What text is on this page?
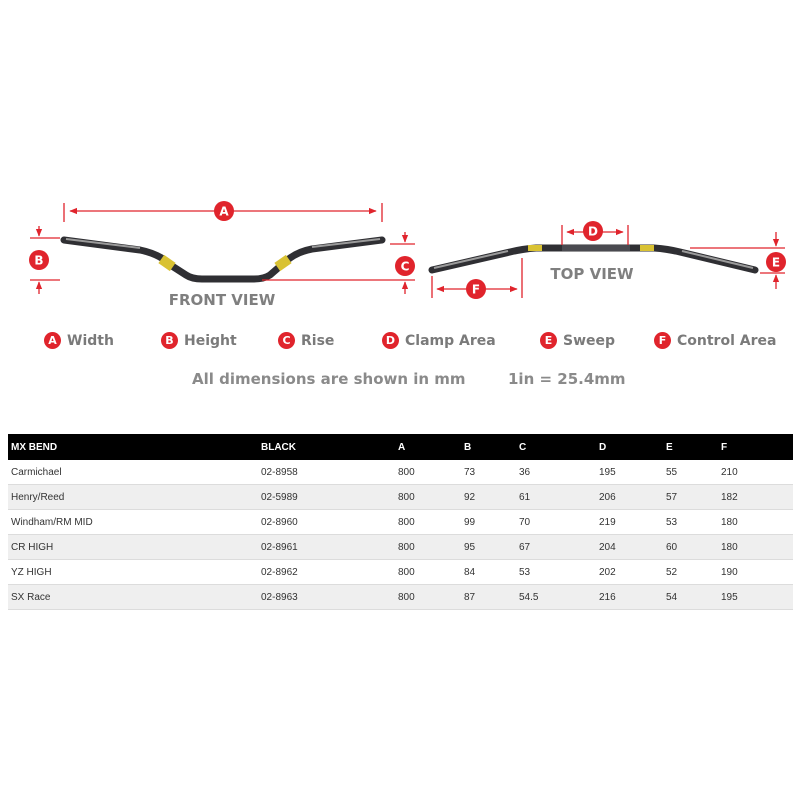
A
B	C
FRONT VIEW
D
E
F
TOP VIEW
A Width	B Height	C Rise	D Clamp Area	E Sweep	F Control Area
All dimensions are shown in mm	1in = 25.4mm
MX BEND	BLACK	A	B	C	D	E	F
Carmichael	02-8958	800	73	36	195	55	210
Henry/Reed	02-5989	800	92	61	206	57	182
Windham/RM MID	02-8960	800	99	70	219	53	180
CR HIGH	02-8961	800	95	67	204	60	180
YZ HIGH	02-8962	800	84	53	202	52	190
SX Race	02-8963	800	87	54.5	216	54	195
